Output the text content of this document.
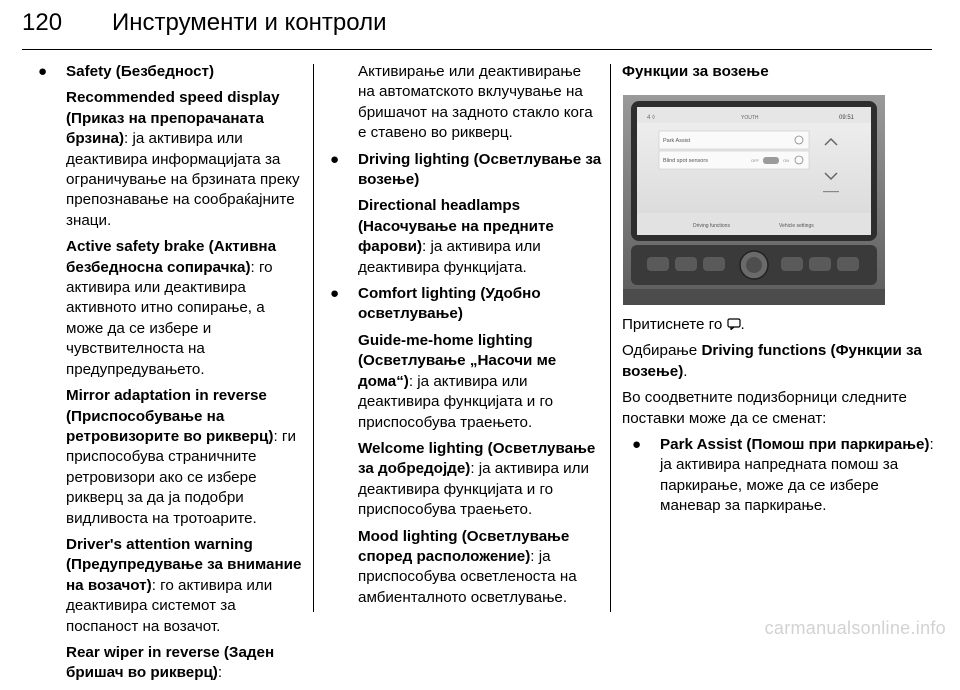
120 Инструменти и контроли
● Safety (Безбедност)

Recommended speed display (Приказ на препорачаната брзина): ја активира или деактивира информацијата за ограничување на брзината преку препознавање на сообраќајните знаци.

Active safety brake (Активна безбедносна сопирачка): го активира или деактивира активното итно сопирање, а може да се избере и чувствителноста на предупредувањето.

Mirror adaptation in reverse (Приспособување на ретровизорите во рикверц): ги приспособува страничните ретровизори ако се избере рикверц за да ја подобри видливоста на тротоарите.

Driver's attention warning (Предупредување за внимание на возачот): го активира или деактивира системот за поспаност на возачот.

Rear wiper in reverse (Заден бришач во рикверц):

Активирање или деактивирање на автоматското вклучување на бришачот на задното стакло кога е ставено во рикверц.

● Driving lighting (Осветлување за возење)

Directional headlamps (Насочување на предните фарови): ја активира или деактивира функцијата.

● Comfort lighting (Удобно осветлување)

Guide-me-home lighting (Осветлување „Насочи ме дома“): ја активира или деактивира функцијата и го приспособува траењето.

Welcome lighting (Осветлување за добредојде): ја активира или деактивира функцијата и го приспособува траењето.

Mood lighting (Осветлување според расположение): ја приспособува осветленоста на амбиенталното осветлување.

Функции за возење

4 ◊	YOUTH	09:51
Park Assist
Blind spot sensors	OFF	ON
Driving functions	Vehicle settings

Притиснете го .

Одбирање Driving functions (Функции за возење).

Во соодветните подизборници следните поставки може да се сменат:

● Park Assist (Помош при паркирање): ја активира напредната помош за паркирање, може да се избере маневар за паркирање.

carmanualsonline.info
